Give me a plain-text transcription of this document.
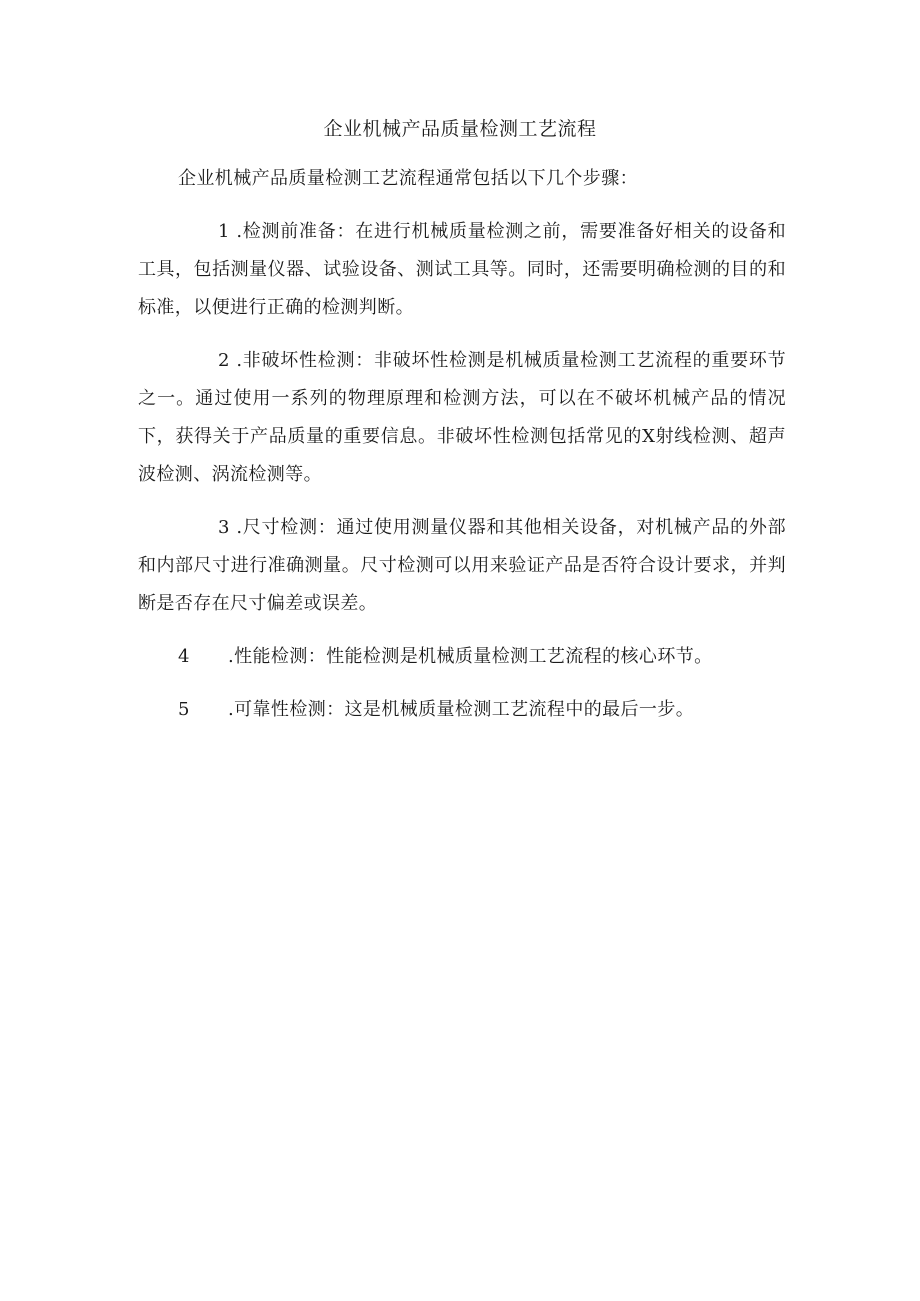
企业机械产品质量检测工艺流程

企业机械产品质量检测工艺流程通常包括以下几个步骤：

1 .检测前准备：在进行机械质量检测之前，需要准备好相关的设备和工具，包括测量仪器、试验设备、测试工具等。同时，还需要明确检测的目的和标准，以便进行正确的检测判断。

2 .非破坏性检测：非破坏性检测是机械质量检测工艺流程的重要环节之一。通过使用一系列的物理原理和检测方法，可以在不破坏机械产品的情况下，获得关于产品质量的重要信息。非破坏性检测包括常见的X射线检测、超声波检测、涡流检测等。

3 .尺寸检测：通过使用测量仪器和其他相关设备，对机械产品的外部和内部尺寸进行准确测量。尺寸检测可以用来验证产品是否符合设计要求，并判断是否存在尺寸偏差或误差。

4 .性能检测：性能检测是机械质量检测工艺流程的核心环节。

5 .可靠性检测：这是机械质量检测工艺流程中的最后一步。
